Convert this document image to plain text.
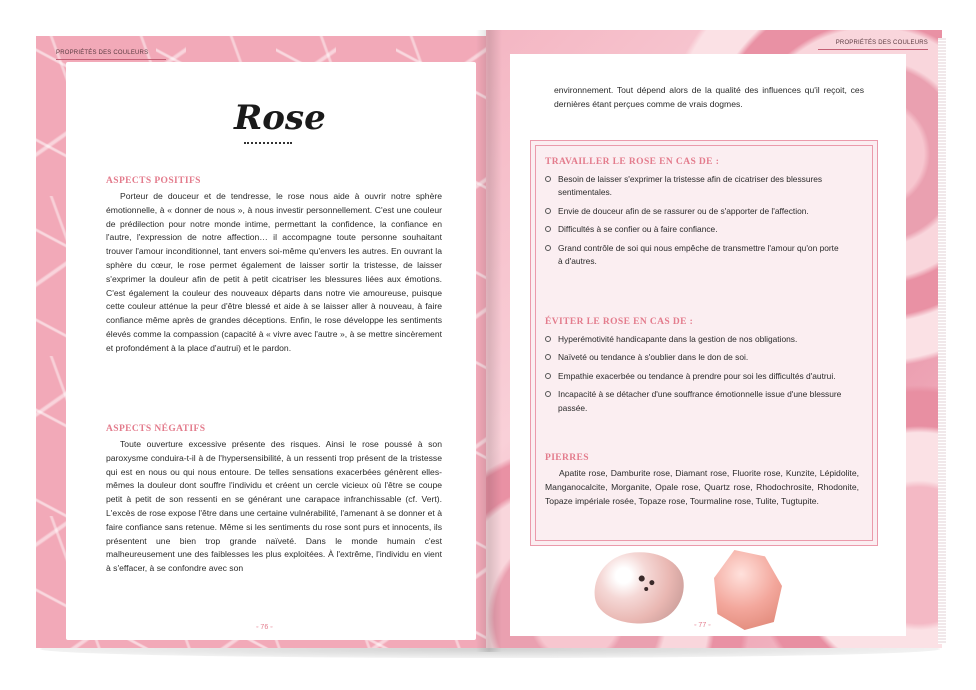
PROPRIÉTÉS DES COULEURS
Rose
ASPECTS POSITIFS

Porteur de douceur et de tendresse, le rose nous aide à ouvrir notre sphère émotionnelle, à « donner de nous », à nous investir personnellement. C'est une couleur de prédilection pour notre monde intime, permettant la confidence, la confiance en l'autre, l'expression de notre affection… il accompagne toute personne souhaitant trouver l'amour inconditionnel, tant envers soi-même qu'envers les autres. En ouvrant la sphère du cœur, le rose permet également de laisser sortir la tristesse, de laisser s'exprimer la douleur afin de petit à petit cicatriser les blessures liées aux émotions. C'est également la couleur des nouveaux départs dans notre vie amoureuse, puisque cette couleur atténue la peur d'être blessé et aide à se laisser aller à nouveau, à faire confiance même après de grandes déceptions. Enfin, le rose développe les sentiments élevés comme la compassion (capacité à « vivre avec l'autre », à se mettre sincèrement et profondément à la place d'autrui) et le pardon.

ASPECTS NÉGATIFS

Toute ouverture excessive présente des risques. Ainsi le rose poussé à son paroxysme conduira-t-il à de l'hypersensibilité, à un ressenti trop présent de la tristesse qui est en nous ou qui nous entoure. De telles sensations exacerbées génèrent elles-mêmes la douleur dont souffre l'individu et créent un cercle vicieux où l'être se coupe petit à petit de son ressenti en se générant une carapace infranchissable (cf. Vert). L'excès de rose expose l'être dans une certaine vulnérabilité, l'amenant à se donner et à faire confiance sans retenue. Même si les sentiments du rose sont purs et innocents, ils présentent une bien trop grande naïveté. Dans le monde humain c'est malheureusement une des faiblesses les plus exploitées. À l'extrême, l'individu en vient à s'effacer, à se confondre avec son

◦ 76 ◦
PROPRIÉTÉS DES COULEURS

environnement. Tout dépend alors de la qualité des influences qu'il reçoit, ces dernières étant perçues comme de vrais dogmes.

TRAVAILLER LE ROSE EN CAS DE :
Besoin de laisser s'exprimer la tristesse afin de cicatriser des blessures sentimentales.
Envie de douceur afin de se rassurer ou de s'apporter de l'affection.
Difficultés à se confier ou à faire confiance.
Grand contrôle de soi qui nous empêche de transmettre l'amour qu'on porte à d'autres.
ÉVITER LE ROSE EN CAS DE :
Hyperémotivité handicapante dans la gestion de nos obligations.
Naïveté ou tendance à s'oublier dans le don de soi.
Empathie exacerbée ou tendance à prendre pour soi les difficultés d'autrui.
Incapacité à se détacher d'une souffrance émotionnelle issue d'une blessure passée.
PIERRES

Apatite rose, Damburite rose, Diamant rose, Fluorite rose, Kunzite, Lépidolite, Manganocalcite, Morganite, Opale rose, Quartz rose, Rhodochrosite, Rhodonite, Topaze impériale rosée, Topaze rose, Tourmaline rose, Tulite, Tugtupite.

◦ 77 ◦
